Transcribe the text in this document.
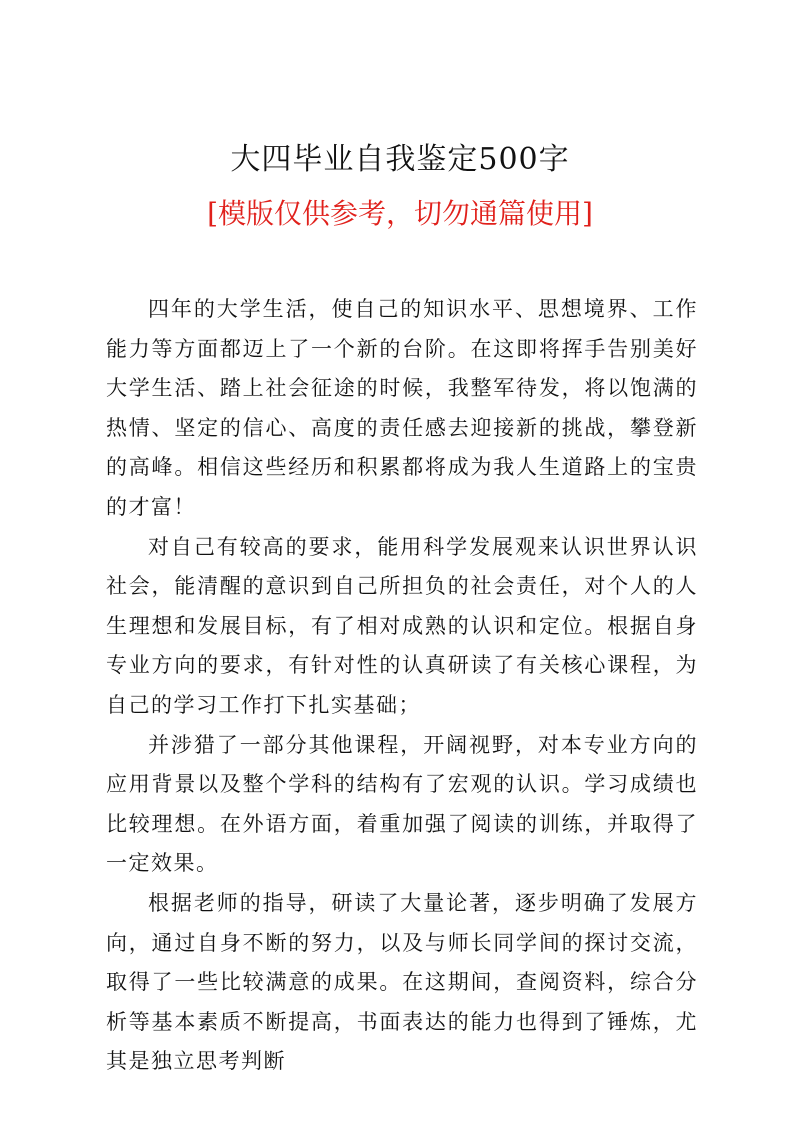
大四毕业自我鉴定500字
[模版仅供参考，切勿通篇使用]

四年的大学生活，使自己的知识水平、思想境界、工作能力等方面都迈上了一个新的台阶。在这即将挥手告别美好大学生活、踏上社会征途的时候，我整军待发，将以饱满的热情、坚定的信心、高度的责任感去迎接新的挑战，攀登新的高峰。相信这些经历和积累都将成为我人生道路上的宝贵的才富！

对自己有较高的要求，能用科学发展观来认识世界认识社会，能清醒的意识到自己所担负的社会责任，对个人的人生理想和发展目标，有了相对成熟的认识和定位。根据自身专业方向的要求，有针对性的认真研读了有关核心课程，为自己的学习工作打下扎实基础；

并涉猎了一部分其他课程，开阔视野，对本专业方向的应用背景以及整个学科的结构有了宏观的认识。学习成绩也比较理想。在外语方面，着重加强了阅读的训练，并取得了一定效果。

根据老师的指导，研读了大量论著，逐步明确了发展方向，通过自身不断的努力，以及与师长同学间的探讨交流，取得了一些比较满意的成果。在这期间，查阅资料，综合分析等基本素质不断提高，书面表达的能力也得到了锤炼，尤其是独立思考判断
